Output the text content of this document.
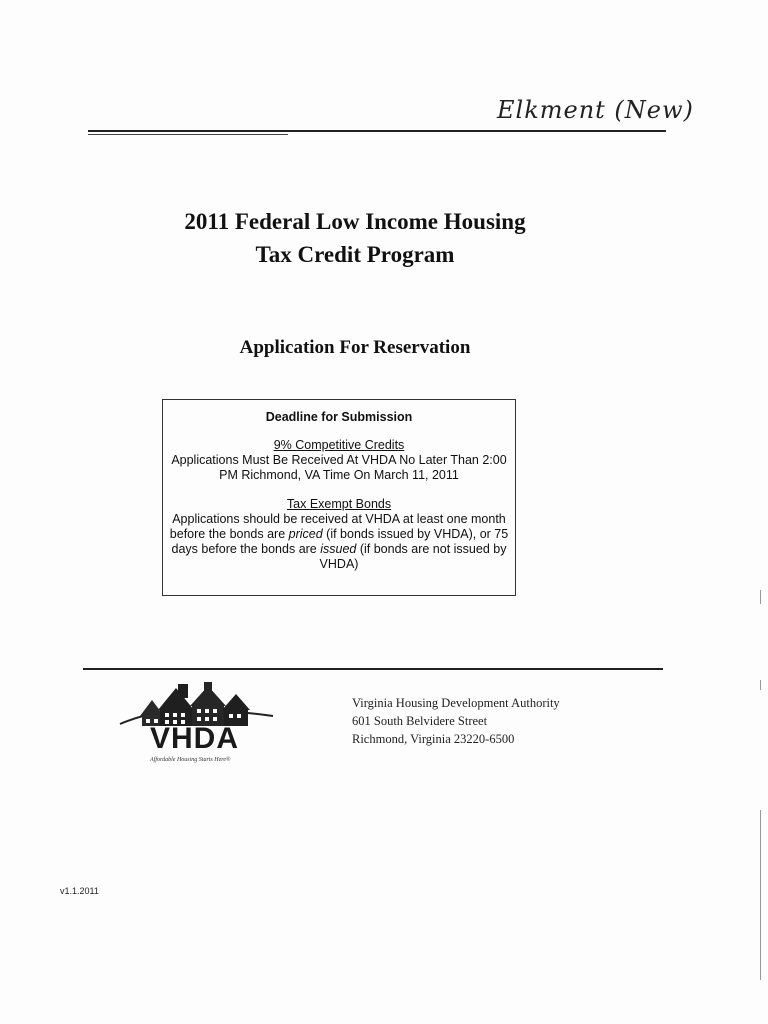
Elkment (New)
2011 Federal Low Income Housing
Tax Credit Program
Application For Reservation
Deadline for Submission
9% Competitive Credits

Applications Must Be Received At VHDA No Later Than 2:00 PM Richmond, VA Time On March 11, 2011

Tax Exempt Bonds

Applications should be received at VHDA at least one month before the bonds are priced (if bonds issued by VHDA), or 75 days before the bonds are issued (if bonds are not issued by VHDA)

VHDA
Affordable Housing Starts Here®
Virginia Housing Development Authority
601 South Belvidere Street
Richmond, Virginia 23220-6500
v1.1.2011
